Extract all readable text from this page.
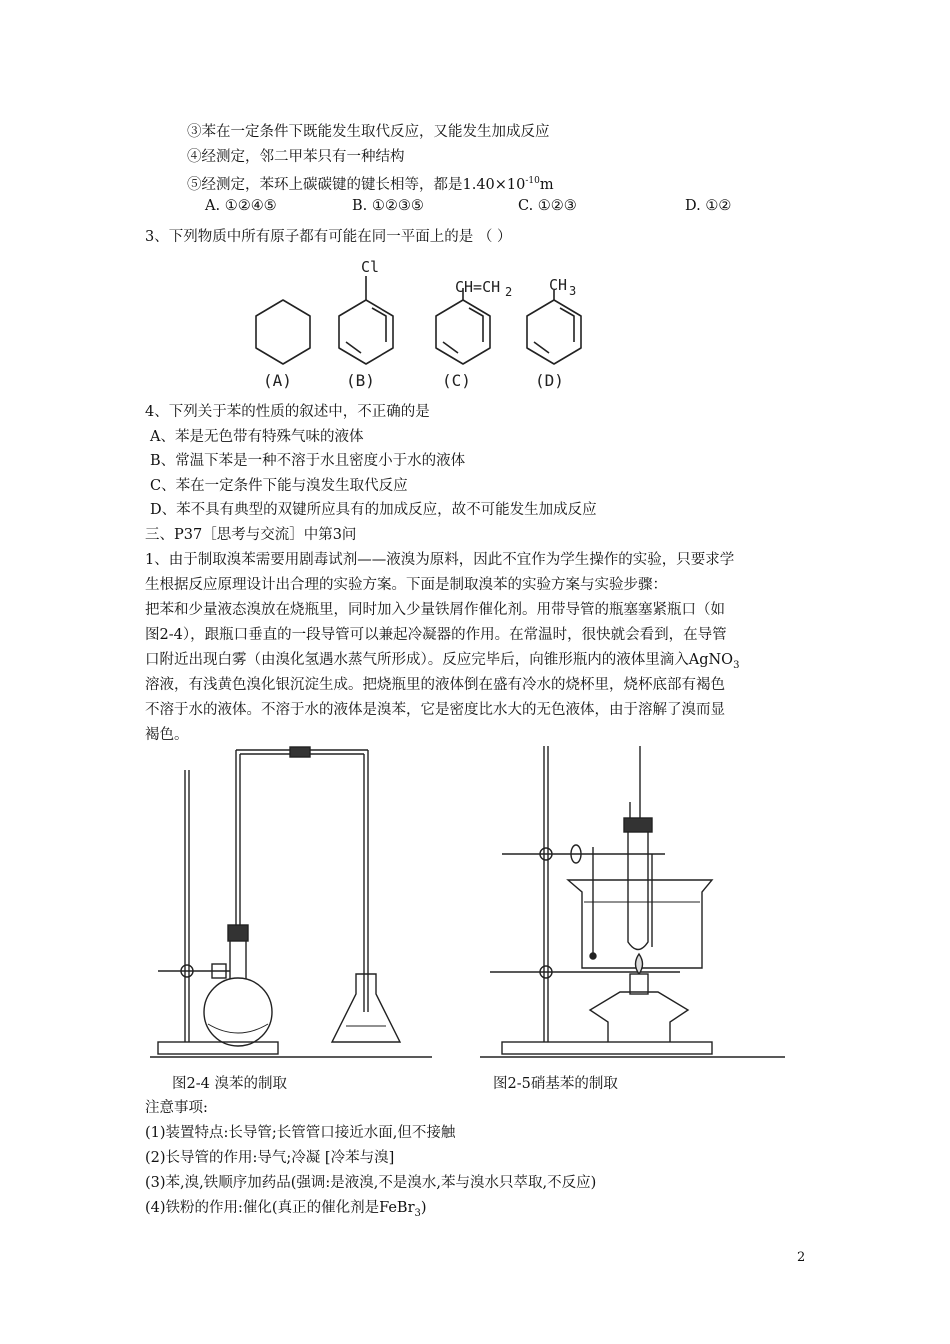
③苯在一定条件下既能发生取代反应，又能发生加成反应
④经测定，邻二甲苯只有一种结构
⑤经测定，苯环上碳碳键的键长相等，都是$1.40\times 10^{-10}m$
A. ①②④⑤	B. ①②③⑤	C. ①②③	D. ①②
3、下列物质中所有原子都有可能在同一平面上的是 （ ）
Cl
CH=CH 2 CH 3
(A)	(B)	(C)	(D)
4、下列关于苯的性质的叙述中，不正确的是
A、苯是无色带有特殊气味的液体
B、常温下苯是一种不溶于水且密度小于水的液体
C、苯在一定条件下能与溴发生取代反应
D、苯不具有典型的双键所应具有的加成反应，故不可能发生加成反应
三、P37［思考与交流］中第3问
1、由于制取溴苯需要用剧毒试剂——液溴为原料，因此不宜作为学生操作的实验，只要求学
生根据反应原理设计出合理的实验方案。下面是制取溴苯的实验方案与实验步骤：
把苯和少量液态溴放在烧瓶里，同时加入少量铁屑作催化剂。用带导管的瓶塞塞紧瓶口（如
图2-4），跟瓶口垂直的一段导管可以兼起冷凝器的作用。在常温时，很快就会看到，在导管
口附近出现白雾（由溴化氢遇水蒸气所形成）。反应完毕后，向锥形瓶内的液体里滴入AgNO$_3$
溶液，有浅黄色溴化银沉淀生成。把烧瓶里的液体倒在盛有冷水的烧杯里，烧杯底部有褐色
不溶于水的液体。不溶于水的液体是溴苯，它是密度比水大的无色液体，由于溶解了溴而显
褐色。
图2-4 溴苯的制取	图2-5硝基苯的制取
注意事项:
(1)装置特点:长导管;长管管口接近水面,但不接触
(2)长导管的作用:导气;冷凝 [冷苯与溴]
(3)苯,溴,铁顺序加药品(强调:是液溴,不是溴水,苯与溴水只萃取,不反应)
(4)铁粉的作用:催化(真正的催化剂是FeBr$_3$)
2
